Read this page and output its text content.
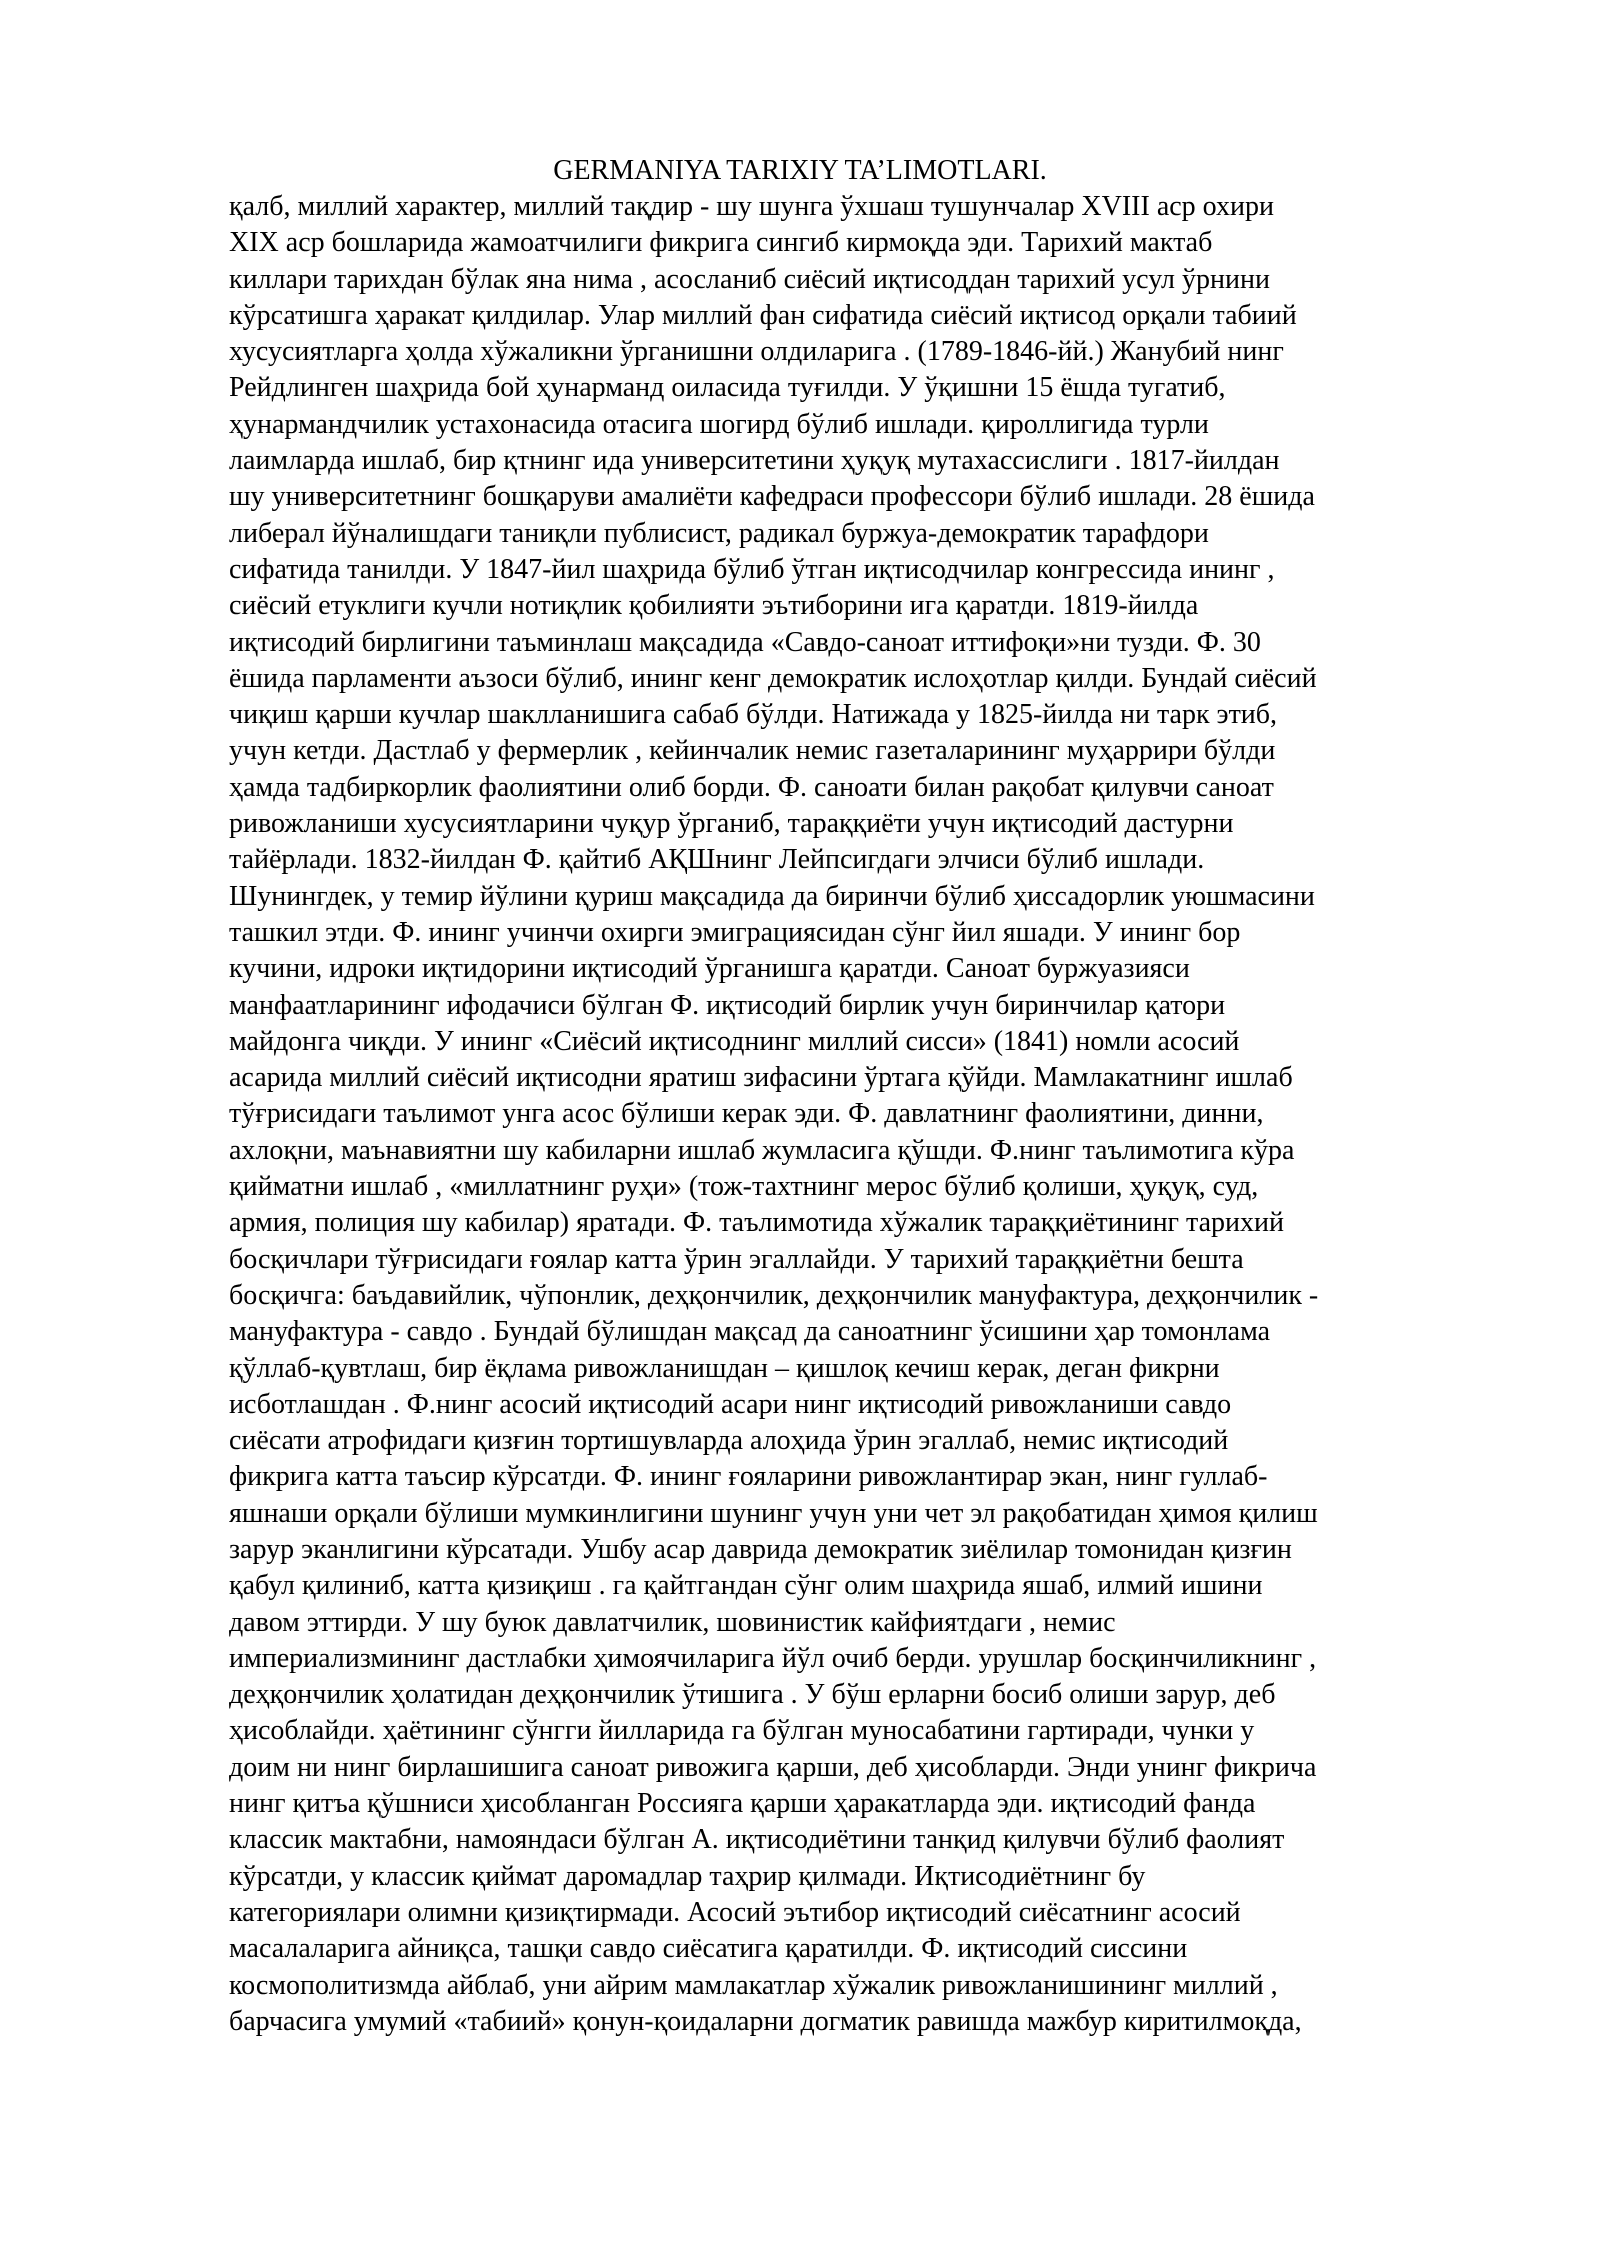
GERMANIYA TARIXIY TA’LIMOTLARI.
қалб, миллий характер, миллий тақдир - шу шунга ўхшаш тушунчалар XVIII аср охири
XIX аср бошларида жамоатчилиги фикрига сингиб кирмоқда эди. Тарихий мактаб
киллари тарихдан бўлак яна нима , асосланиб сиёсий иқтисоддан тарихий усул ўрнини
кўрсатишга ҳаракат қилдилар. Улар миллий фан сифатида сиёсий иқтисод орқали табиий
хусусиятларга ҳолда хўжаликни ўрганишни олдиларига . (1789-1846-йй.) Жанубий нинг
Рейдлинген шаҳрида бой ҳунарманд оиласида туғилди. У ўқишни 15 ёшда тугатиб,
ҳунармандчилик устахонасида отасига шогирд бўлиб ишлади. қироллигида турли
лаимларда ишлаб, бир қтнинг ида университетини ҳуқуқ мутахассислиги . 1817-йилдан
шу университетнинг бошқаруви амалиёти кафедраси профессори бўлиб ишлади. 28 ёшида
либерал йўналишдаги таниқли публисист, радикал буржуа-демократик тарафдори
сифатида танилди. У 1847-йил шаҳрида бўлиб ўтган иқтисодчилар конгрессида ининг ,
сиёсий етуклиги кучли нотиқлик қобилияти эътиборини ига қаратди. 1819-йилда
иқтисодий бирлигини таъминлаш мақсадида «Савдо-саноат иттифоқи»ни тузди. Ф. 30
ёшида парламенти аъзоси бўлиб, ининг кенг демократик ислоҳотлар қилди. Бундай сиёсий
чиқиш қарши кучлар шаклланишига сабаб бўлди. Натижада у 1825-йилда ни тарк этиб,
учун кетди. Дастлаб у фермерлик , кейинчалик немис газеталарининг муҳаррири бўлди
ҳамда тадбиркорлик фаолиятини олиб борди. Ф. саноати билан рақобат қилувчи саноат
ривожланиши хусусиятларини чуқур ўрганиб, тараққиёти учун иқтисодий дастурни
тайёрлади. 1832-йилдан Ф. қайтиб АҚШнинг Лейпсигдаги элчиси бўлиб ишлади.
Шунингдек, у темир йўлини қуриш мақсадида да биринчи бўлиб ҳиссадорлик уюшмасини
ташкил этди. Ф. ининг учинчи охирги эмиграциясидан сўнг йил яшади. У ининг бор
кучини, идроки иқтидорини иқтисодий ўрганишга қаратди. Саноат буржуазияси
манфаатларининг ифодачиси бўлган Ф. иқтисодий бирлик учун биринчилар қатори
майдонга чиқди. У ининг «Сиёсий иқтисоднинг миллий сисси» (1841) номли асосий
асарида миллий сиёсий иқтисодни яратиш зифасини ўртага қўйди. Мамлакатнинг ишлаб
тўғрисидаги таълимот унга асос бўлиши керак эди. Ф. давлатнинг фаолиятини, динни,
ахлоқни, маънавиятни шу кабиларни ишлаб жумласига қўшди. Ф.нинг таълимотига кўра
қийматни ишлаб , «миллатнинг руҳи» (тож-тахтнинг мерос бўлиб қолиши, ҳуқуқ, суд,
армия, полиция шу кабилар) яратади. Ф. таълимотида хўжалик тараққиётининг тарихий
босқичлари тўғрисидаги ғоялар катта ўрин эгаллайди. У тарихий тараққиётни бешта
босқичга: баъдавийлик, чўпонлик, деҳқончилик, деҳқончилик мануфактура, деҳқончилик -
мануфактура - савдо . Бундай бўлишдан мақсад да саноатнинг ўсишини ҳар томонлама
қўллаб-қувтлаш, бир ёқлама ривожланишдан – қишлоқ кечиш керак, деган фикрни
исботлашдан . Ф.нинг асосий иқтисодий асари нинг иқтисодий ривожланиши савдо
сиёсати атрофидаги қизғин тортишувларда алоҳида ўрин эгаллаб, немис иқтисодий
фикрига катта таъсир кўрсатди. Ф. ининг ғояларини ривожлантирар экан, нинг гуллаб-
яшнаши орқали бўлиши мумкинлигини шунинг учун уни чет эл рақобатидан ҳимоя қилиш
зарур эканлигини кўрсатади. Ушбу асар даврида демократик зиёлилар томонидан қизғин
қабул қилиниб, катта қизиқиш . га қайтгандан сўнг олим шаҳрида яшаб, илмий ишини
давом эттирди. У шу буюк давлатчилик, шовинистик кайфиятдаги , немис
империализмининг дастлабки ҳимоячиларига йўл очиб берди. урушлар босқинчиликнинг ,
деҳқончилик ҳолатидан деҳқончилик ўтишига . У бўш ерларни босиб олиши зарур, деб
ҳисоблайди. ҳаётининг сўнгги йилларида га бўлган муносабатини гартиради, чунки у
доим ни нинг бирлашишига саноат ривожига қарши, деб ҳисобларди. Энди унинг фикрича
нинг қитъа қўшниси ҳисобланган Россияга қарши ҳаракатларда эди. иқтисодий фанда
классик мактабни, намояндаси бўлган А. иқтисодиётини танқид қилувчи бўлиб фаолият
кўрсатди, у классик қиймат даромадлар таҳрир қилмади. Иқтисодиётнинг бу
категориялари олимни қизиқтирмади. Асосий эътибор иқтисодий сиёсатнинг асосий
масалаларига айниқса, ташқи савдо сиёсатига қаратилди. Ф. иқтисодий сиссини
космополитизмда айблаб, уни айрим мамлакатлар хўжалик ривожланишининг миллий ,
барчасига умумий «табиий» қонун-қоидаларни догматик равишда мажбур киритилмоқда,
